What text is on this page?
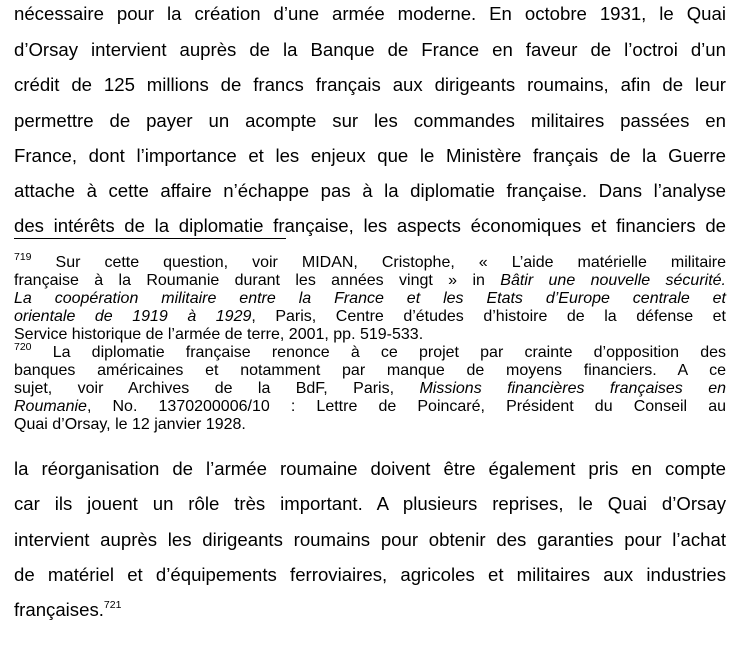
nécessaire pour la création d’une armée moderne. En octobre 1931, le Quai
d’Orsay intervient auprès de la Banque de France en faveur de l’octroi d’un
crédit de 125 millions de francs français aux dirigeants roumains, afin de leur
permettre de payer un acompte sur les commandes militaires passées en
France, dont l’importance et les enjeux que le Ministère français de la Guerre
attache à cette affaire n’échappe pas à la diplomatie française. Dans l’analyse
des intérêts de la diplomatie française, les aspects économiques et financiers de
$^{719}$ Sur cette question, voir MIDAN, Cristophe, « L’aide matérielle militaire
française à la Roumanie durant les années vingt » in Bâtir une nouvelle sécurité.
La coopération militaire entre la France et les Etats d’Europe centrale et
orientale de 1919 à 1929, Paris, Centre d’études d’histoire de la défense et
Service historique de l’armée de terre, 2001, pp. 519-533.
$^{720}$ La diplomatie française renonce à ce projet par crainte d’opposition des
banques américaines et notamment par manque de moyens financiers. A ce
sujet, voir Archives de la BdF, Paris, Missions financières françaises en
Roumanie, No. 1370200006/10 : Lettre de Poincaré, Président du Conseil au
Quai d’Orsay, le 12 janvier 1928.
la réorganisation de l’armée roumaine doivent être également pris en compte
car ils jouent un rôle très important. A plusieurs reprises, le Quai d’Orsay
intervient auprès les dirigeants roumains pour obtenir des garanties pour l’achat
de matériel et d’équipements ferroviaires, agricoles et militaires aux industries
françaises.$^{721}$
